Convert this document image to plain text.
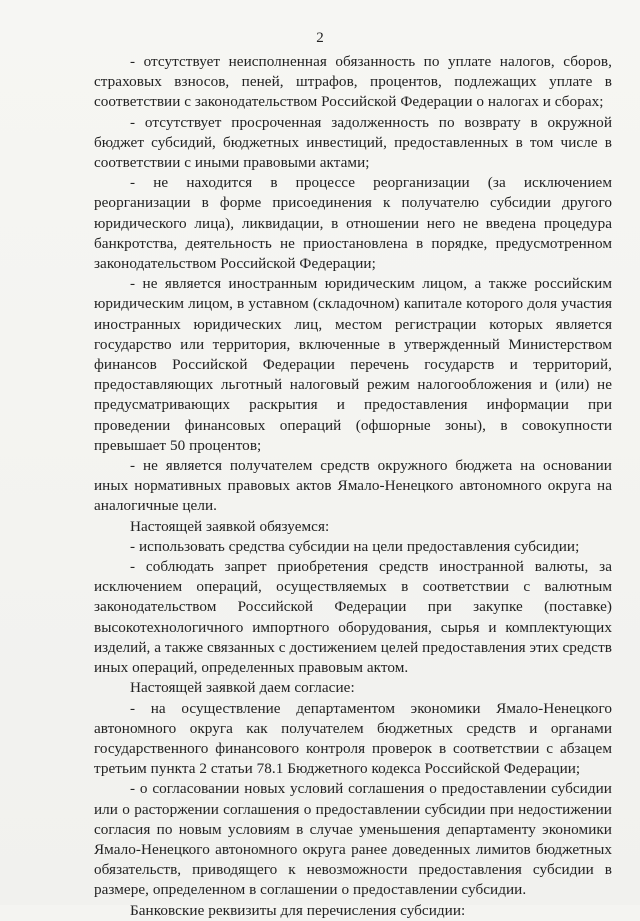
2

- отсутствует неисполненная обязанность по уплате налогов, сборов, страховых взносов, пеней, штрафов, процентов, подлежащих уплате в соответствии с законодательством Российской Федерации о налогах и сборах;

- отсутствует просроченная задолженность по возврату в окружной бюджет субсидий, бюджетных инвестиций, предоставленных в том числе в соответствии с иными правовыми актами;

- не находится в процессе реорганизации (за исключением реорганизации в форме присоединения к получателю субсидии другого юридического лица), ликвидации, в отношении него не введена процедура банкротства, деятельность не приостановлена в порядке, предусмотренном законодательством Российской Федерации;

- не является иностранным юридическим лицом, а также российским юридическим лицом, в уставном (складочном) капитале которого доля участия иностранных юридических лиц, местом регистрации которых является государство или территория, включенные в утвержденный Министерством финансов Российской Федерации перечень государств и территорий, предоставляющих льготный налоговый режим налогообложения и (или) не предусматривающих раскрытия и предоставления информации при проведении финансовых операций (офшорные зоны), в совокупности превышает 50 процентов;

- не является получателем средств окружного бюджета на основании иных нормативных правовых актов Ямало-Ненецкого автономного округа на аналогичные цели.

Настоящей заявкой обязуемся:

- использовать средства субсидии на цели предоставления субсидии;

- соблюдать запрет приобретения средств иностранной валюты, за исключением операций, осуществляемых в соответствии с валютным законодательством Российской Федерации при закупке (поставке) высокотехнологичного импортного оборудования, сырья и комплектующих изделий, а также связанных с достижением целей предоставления этих средств иных операций, определенных правовым актом.

Настоящей заявкой даем согласие:

- на осуществление департаментом экономики Ямало-Ненецкого автономного округа как получателем бюджетных средств и органами государственного финансового контроля проверок в соответствии с абзацем третьим пункта 2 статьи 78.1 Бюджетного кодекса Российской Федерации;

- о согласовании новых условий соглашения о предоставлении субсидии или о расторжении соглашения о предоставлении субсидии при недостижении согласия по новым условиям в случае уменьшения департаменту экономики Ямало-Ненецкого автономного округа ранее доведенных лимитов бюджетных обязательств, приводящего к невозможности предоставления субсидии в размере, определенном в соглашении о предоставлении субсидии.

Банковские реквизиты для перечисления субсидии:
